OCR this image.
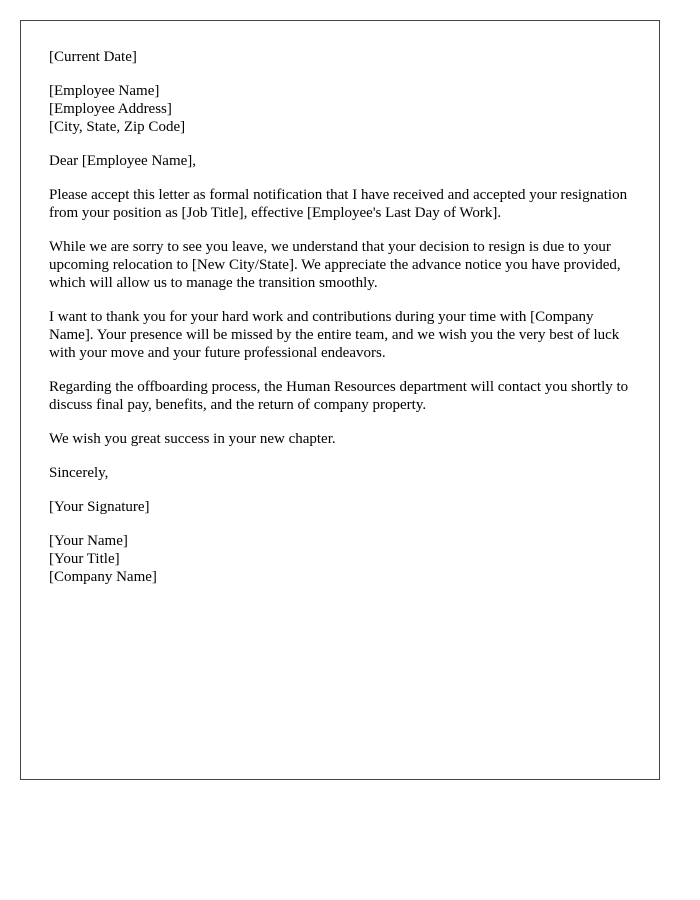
[Current Date]
[Employee Name]
[Employee Address]
[City, State, Zip Code]
Dear [Employee Name],
Please accept this letter as formal notification that I have received and accepted your resignation from your position as [Job Title], effective [Employee's Last Day of Work].
While we are sorry to see you leave, we understand that your decision to resign is due to your upcoming relocation to [New City/State]. We appreciate the advance notice you have provided, which will allow us to manage the transition smoothly.
I want to thank you for your hard work and contributions during your time with [Company Name]. Your presence will be missed by the entire team, and we wish you the very best of luck with your move and your future professional endeavors.
Regarding the offboarding process, the Human Resources department will contact you shortly to discuss final pay, benefits, and the return of company property.
We wish you great success in your new chapter.
Sincerely,
[Your Signature]
[Your Name]
[Your Title]
[Company Name]
